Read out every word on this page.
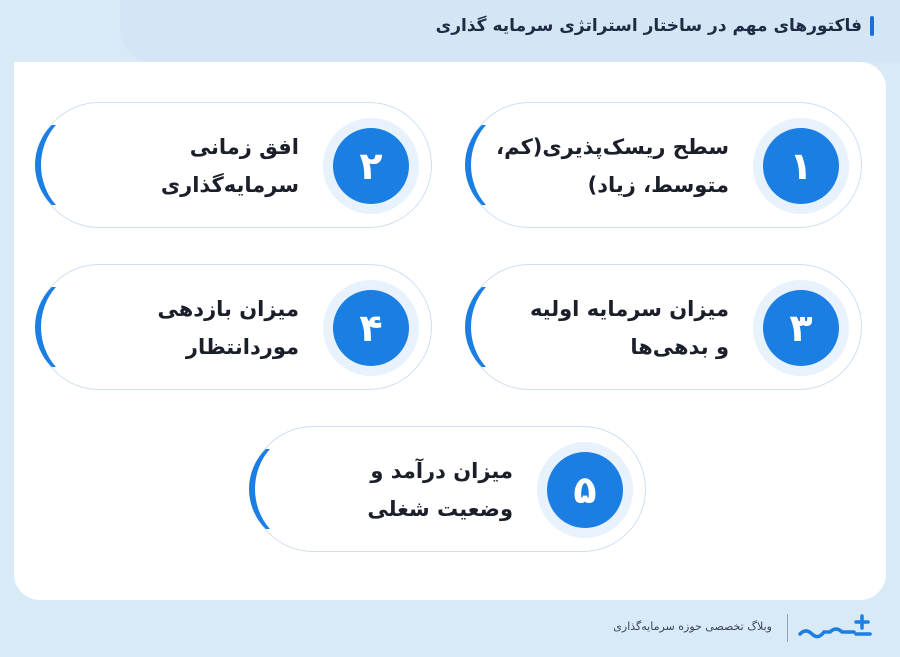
فاکتورهای مهم در ساختار استراتژی سرمایه گذاری
۱
سطح ریسک‌پذیری(کم، متوسط، زیاد)
۲
افق زمانی سرمایه‌گذاری
۳
میزان سرمایه اولیه و بدهی‌ها
۴
میزان بازدهی موردانتظار
۵
میزان درآمد و وضعیت شغلی
وبلاگ تخصصی حوزه سرمایه‌گذاری
